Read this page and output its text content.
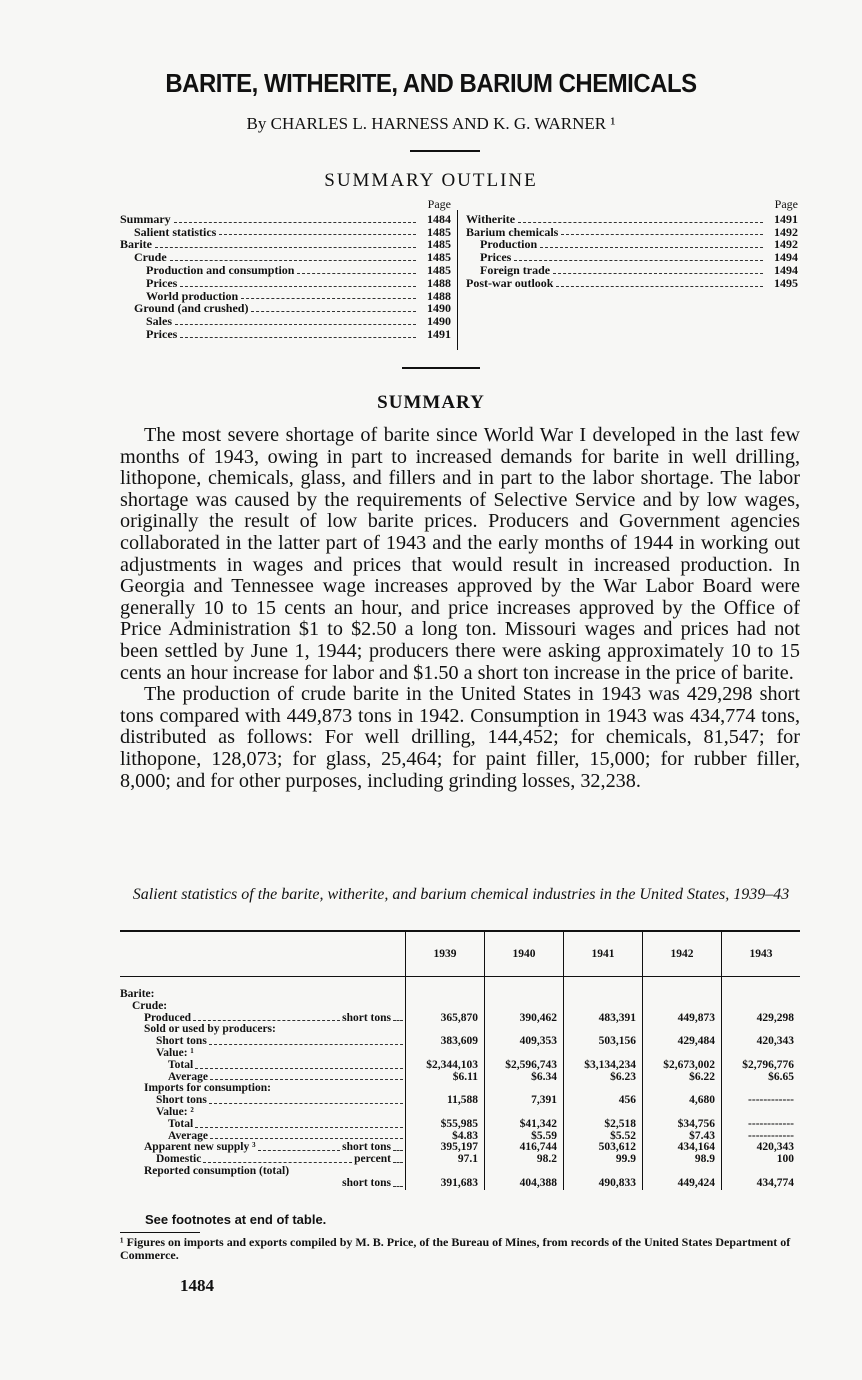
BARITE, WITHERITE, AND BARIUM CHEMICALS
By CHARLES L. HARNESS AND K. G. WARNER ¹
SUMMARY OUTLINE
Page
Summary	1484
Salient statistics	1485
Barite	1485
Crude	1485
Production and consumption	1485
Prices	1488
World production	1488
Ground (and crushed)	1490
Sales	1490
Prices	1491
Page
Witherite	1491
Barium chemicals	1492
Production	1492
Prices	1494
Foreign trade	1494
Post-war outlook	1495
SUMMARY

The most severe shortage of barite since World War I developed in the last few months of 1943, owing in part to increased demands for barite in well drilling, lithopone, chemicals, glass, and fillers and in part to the labor shortage. The labor shortage was caused by the requirements of Selective Service and by low wages, originally the result of low barite prices. Producers and Government agencies collaborated in the latter part of 1943 and the early months of 1944 in working out adjustments in wages and prices that would result in increased production. In Georgia and Tennessee wage increases approved by the War Labor Board were generally 10 to 15 cents an hour, and price increases approved by the Office of Price Administration $1 to $2.50 a long ton. Missouri wages and prices had not been settled by June 1, 1944; producers there were asking approximately 10 to 15 cents an hour increase for labor and $1.50 a short ton increase in the price of barite.

The production of crude barite in the United States in 1943 was 429,298 short tons compared with 449,873 tons in 1942. Consumption in 1943 was 434,774 tons, distributed as follows: For well drilling, 144,452; for chemicals, 81,547; for lithopone, 128,073; for glass, 25,464; for paint filler, 15,000; for rubber filler, 8,000; and for other purposes, including grinding losses, 32,238.

Salient statistics of the barite, witherite, and barium chemical industries in the United States, 1939–43
	1939	1940	1941	1942	1943

Barite:					

Crude:					

Produced short tons	365,870	390,462	483,391	449,873	429,298

Sold or used by producers:					

Short tons	383,609	409,353	503,156	429,484	420,343

Value: ¹					

Total	$2,344,103	$2,596,743	$3,134,234	$2,673,002	$2,796,776

Average	$6.11	$6.34	$6.23	$6.22	$6.65

Imports for consumption:					

Short tons	11,588	7,391	456	4,680	------------

Value: ²					

Total	$55,985	$41,342	$2,518	$34,756	------------

Average	$4.83	$5.59	$5.52	$7.43	------------

Apparent new supply ³ short tons	395,197	416,744	503,612	434,164	420,343

Domestic percent	97.1	98.2	99.9	98.9	100

Reported consumption (total)					

short tons	391,683	404,388	490,833	449,424	434,774
See footnotes at end of table.
¹ Figures on imports and exports compiled by M. B. Price, of the Bureau of Mines, from records of the United States Department of Commerce.
1484
